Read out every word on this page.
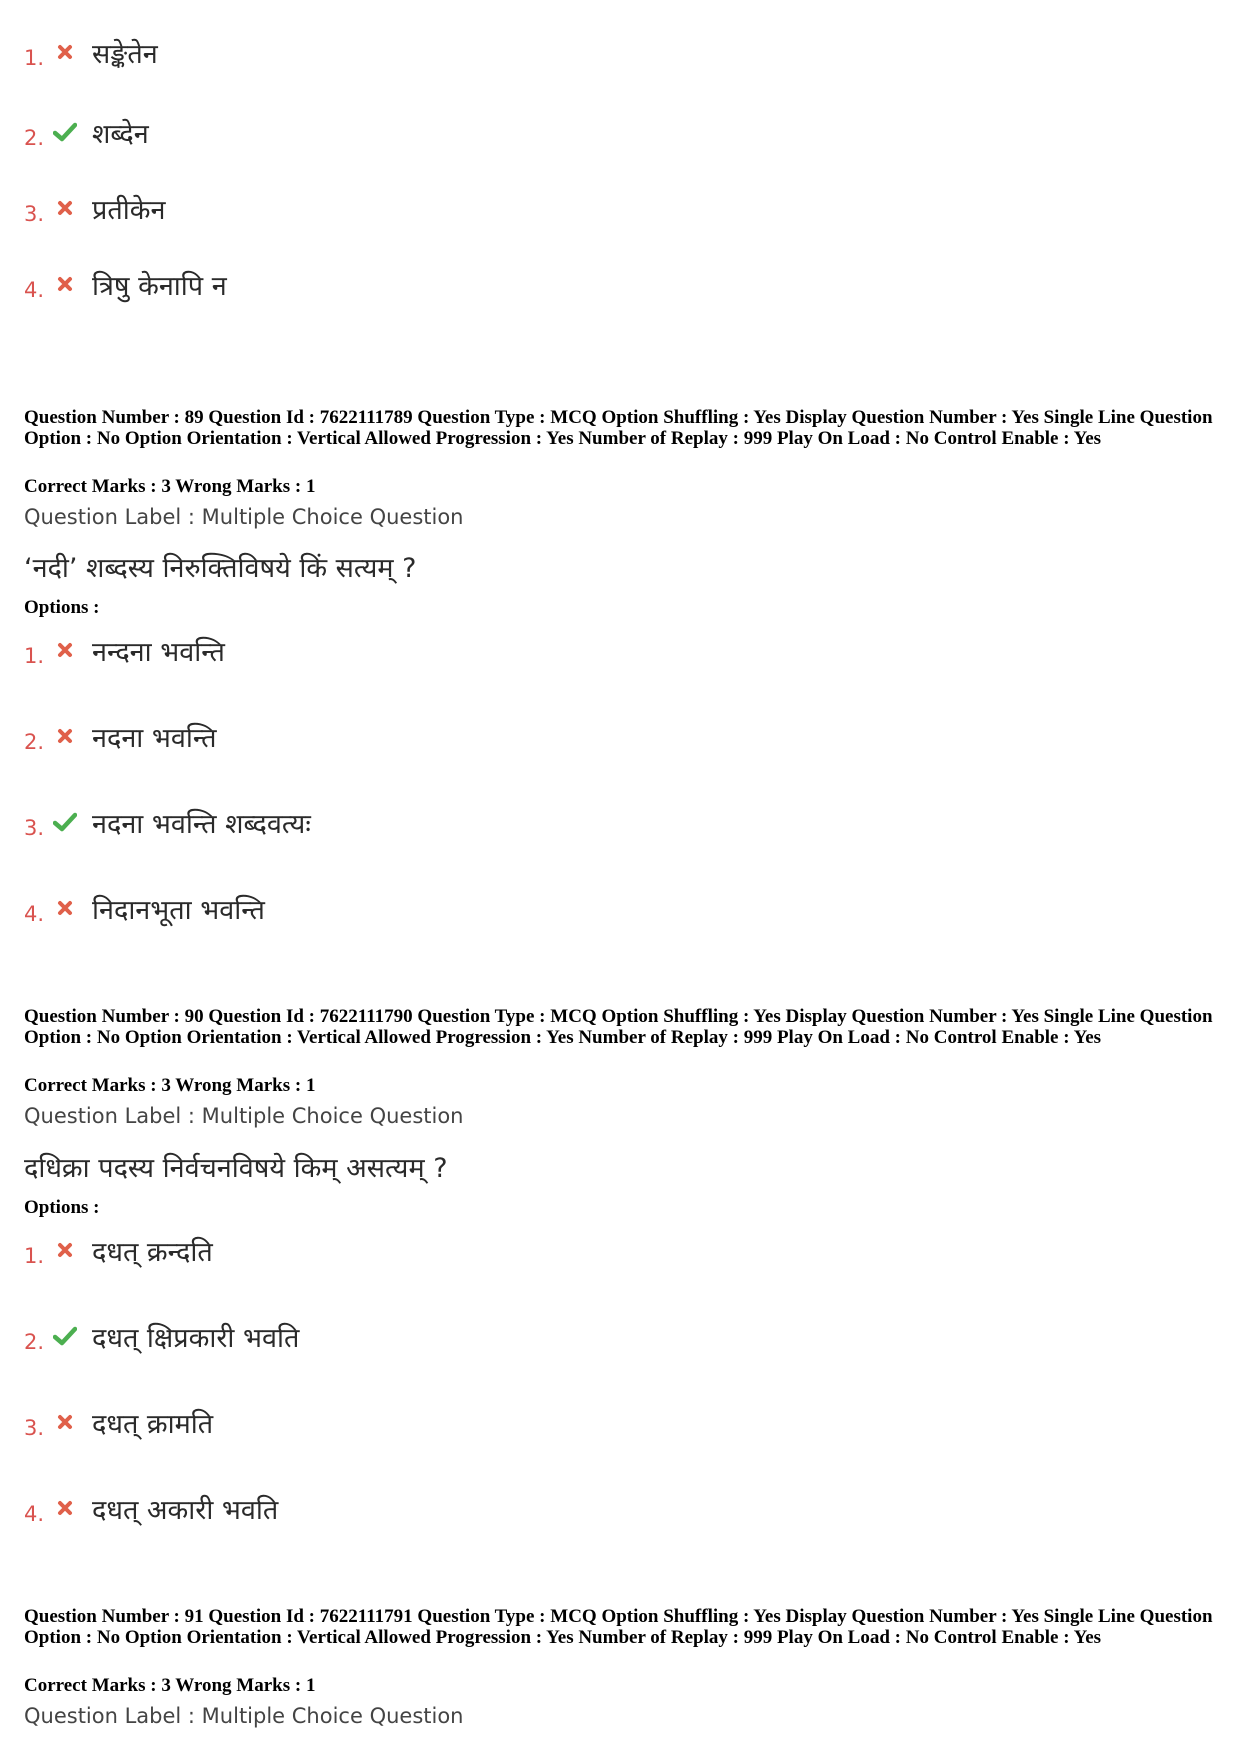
1. सङ्केतेन
2. शब्देन
3. प्रतीकेन
4. त्रिषु केनापि न
Question Number : 89 Question Id : 7622111789 Question Type : MCQ Option Shuffling : Yes Display Question Number : Yes Single Line Question Option : No Option Orientation : Vertical Allowed Progression : Yes Number of Replay : 999 Play On Load : No Control Enable : Yes
Correct Marks : 3 Wrong Marks : 1
Question Label : Multiple Choice Question
‘नदी’ शब्दस्य निरुक्तिविषये किं सत्यम् ?
Options :
1. नन्दना भवन्ति
2. नदना भवन्ति
3. नदना भवन्ति शब्दवत्यः
4. निदानभूता भवन्ति
Question Number : 90 Question Id : 7622111790 Question Type : MCQ Option Shuffling : Yes Display Question Number : Yes Single Line Question Option : No Option Orientation : Vertical Allowed Progression : Yes Number of Replay : 999 Play On Load : No Control Enable : Yes
Correct Marks : 3 Wrong Marks : 1
Question Label : Multiple Choice Question
दधिक्रा पदस्य निर्वचनविषये किम् असत्यम् ?
Options :
1. दधत् क्रन्दति
2. दधत् क्षिप्रकारी भवति
3. दधत् क्रामति
4. दधत् अकारी भवति
Question Number : 91 Question Id : 7622111791 Question Type : MCQ Option Shuffling : Yes Display Question Number : Yes Single Line Question Option : No Option Orientation : Vertical Allowed Progression : Yes Number of Replay : 999 Play On Load : No Control Enable : Yes
Correct Marks : 3 Wrong Marks : 1
Question Label : Multiple Choice Question
